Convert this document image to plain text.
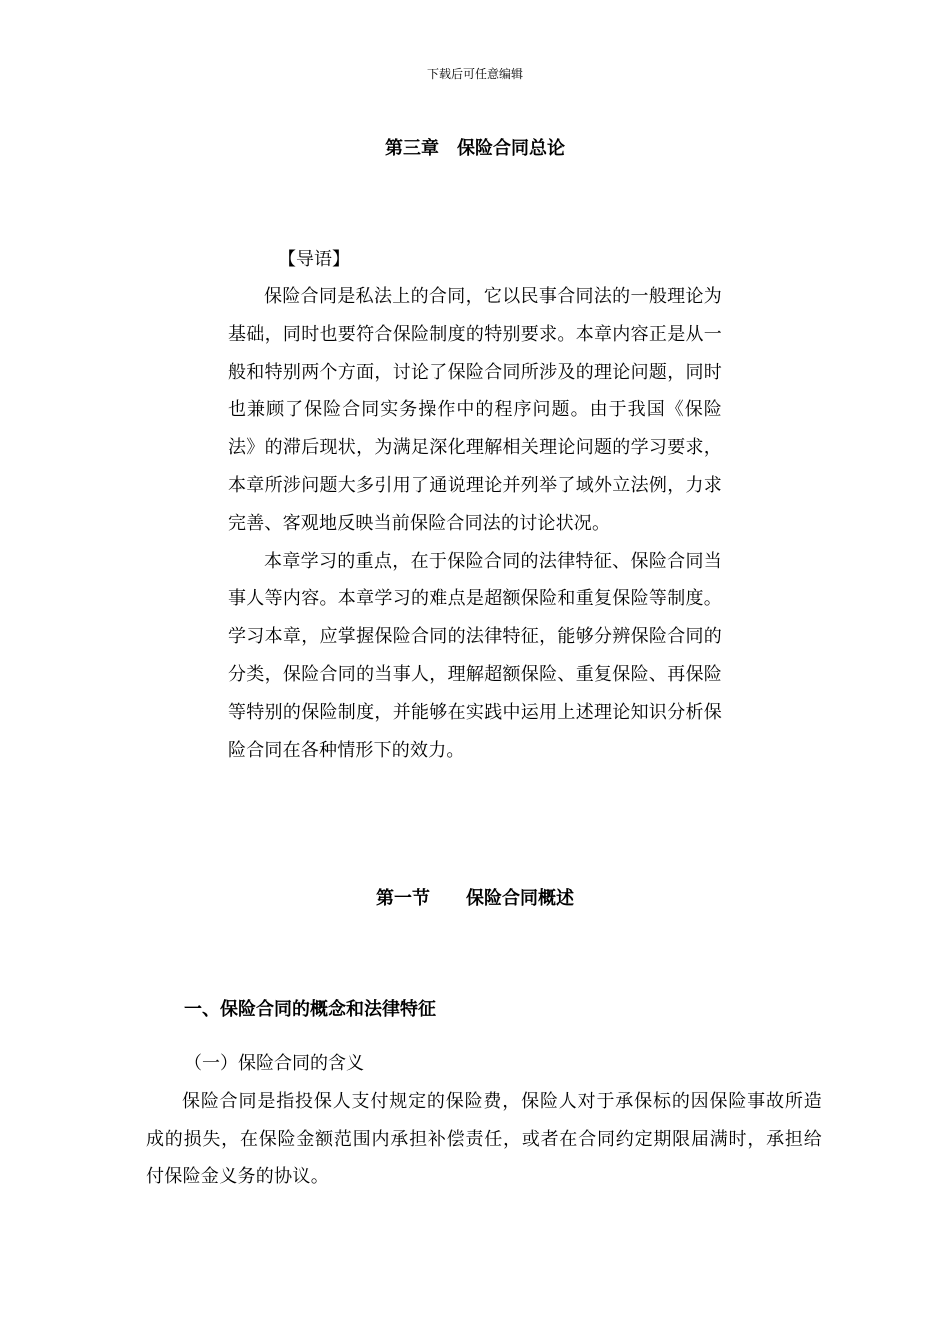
下载后可任意编辑
第三章　保险合同总论
【导语】

保险合同是私法上的合同，它以民事合同法的一般理论为基础，同时也要符合保险制度的特别要求。本章内容正是从一般和特别两个方面，讨论了保险合同所涉及的理论问题，同时也兼顾了保险合同实务操作中的程序问题。由于我国《保险法》的滞后现状，为满足深化理解相关理论问题的学习要求，本章所涉问题大多引用了通说理论并列举了域外立法例，力求完善、客观地反映当前保险合同法的讨论状况。

本章学习的重点，在于保险合同的法律特征、保险合同当事人等内容。本章学习的难点是超额保险和重复保险等制度。学习本章，应掌握保险合同的法律特征，能够分辨保险合同的分类，保险合同的当事人，理解超额保险、重复保险、再保险等特别的保险制度，并能够在实践中运用上述理论知识分析保险合同在各种情形下的效力。

第一节　　保险合同概述
一、保险合同的概念和法律特征
（一）保险合同的含义

保险合同是指投保人支付规定的保险费，保险人对于承保标的因保险事故所造成的损失，在保险金额范围内承担补偿责任，或者在合同约定期限届满时，承担给付保险金义务的协议。
